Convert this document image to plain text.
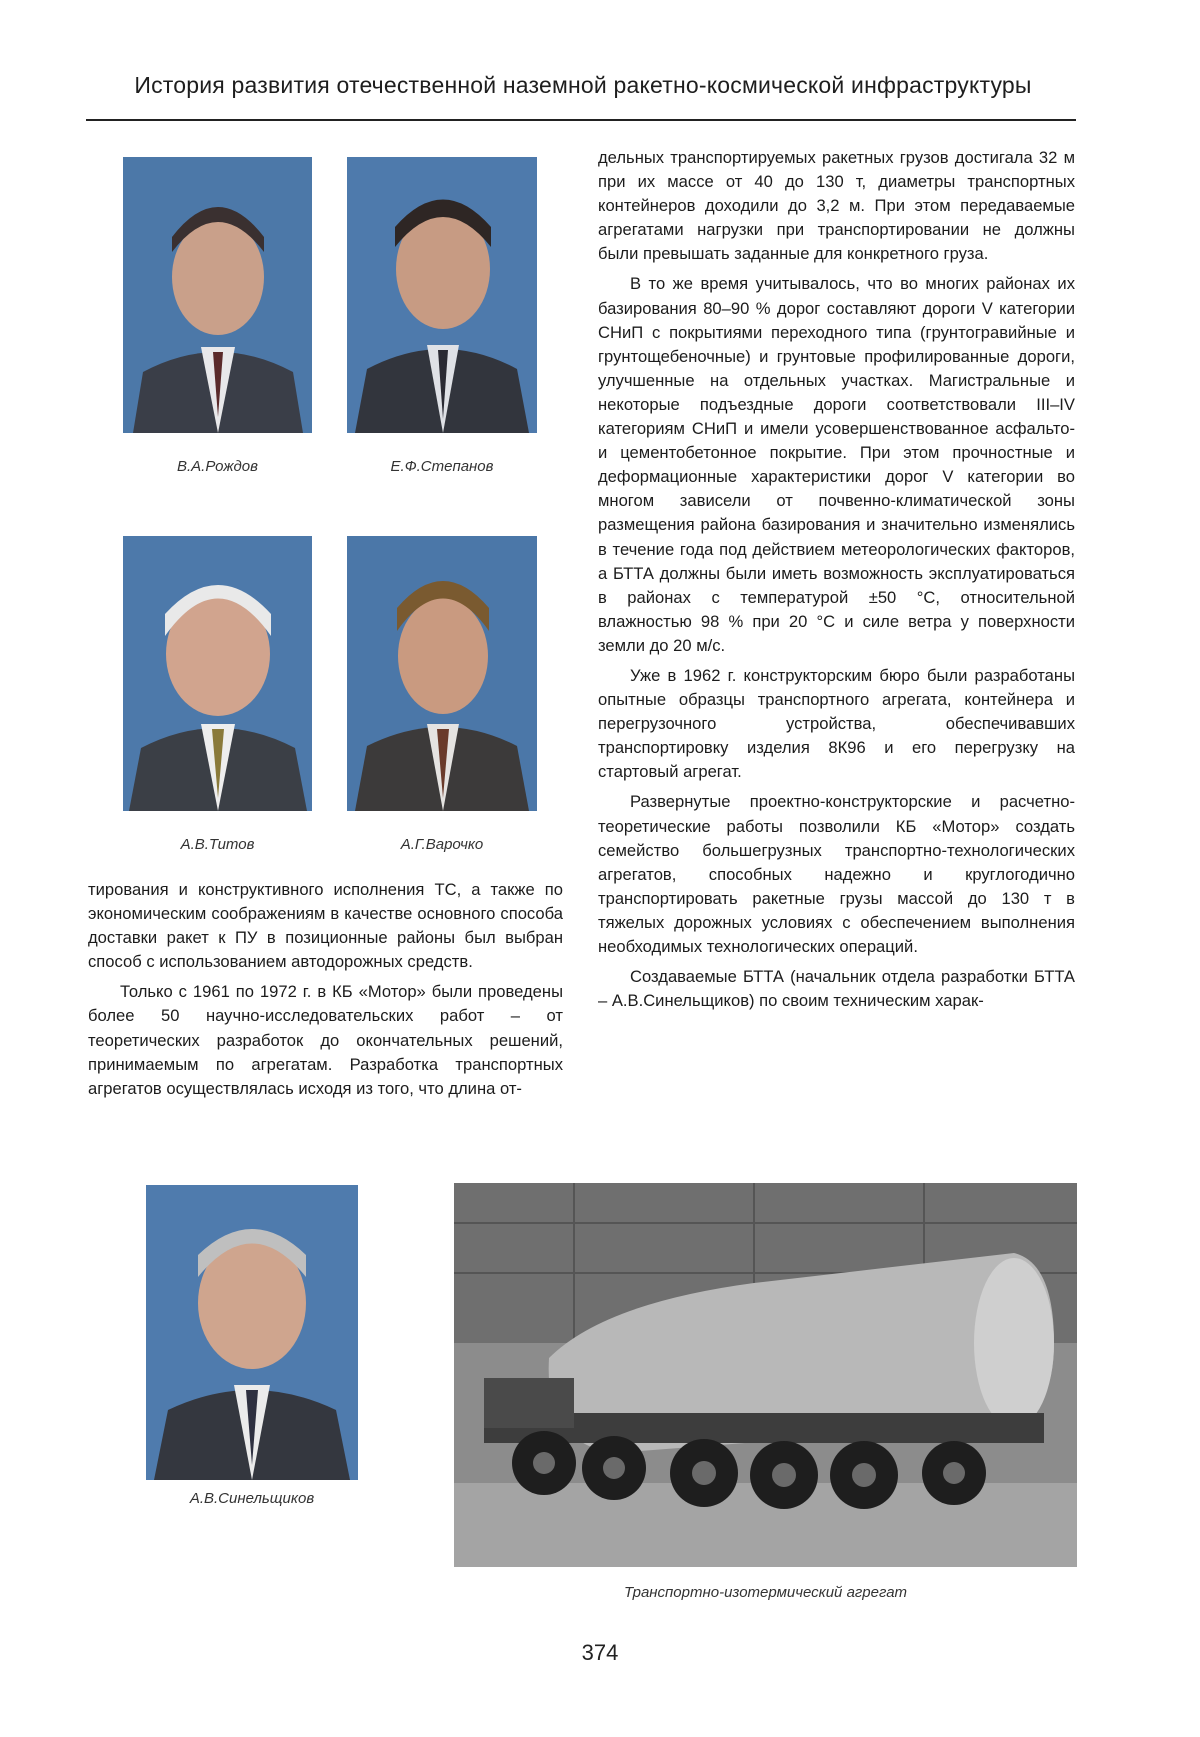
История развития отечественной наземной ракетно-космической инфраструктуры
В.А.Рождов	Е.Ф.Степанов
А.В.Титов	А.Г.Варочко

тирования и конструктивного исполнения ТС, а также по экономическим соображениям в качестве основного способа доставки ракет к ПУ в позиционные районы был выбран способ с использованием автодорожных средств.

Только с 1961 по 1972 г. в КБ «Мотор» были проведены более 50 научно-исследовательских работ – от теоретических разработок до окончательных решений, принимаемым по агрегатам. Разработка транспортных агрегатов осуществлялась исходя из того, что длина от-

дельных транспортируемых ракетных грузов достигала 32 м при их массе от 40 до 130 т, диаметры транспортных контейнеров доходили до 3,2 м. При этом передаваемые агрегатами нагрузки при транспортировании не должны были превышать заданные для конкретного груза.

В то же время учитывалось, что во многих районах их базирования 80–90 % дорог составляют дороги V категории СНиП с покрытиями переходного типа (грунтогравийные и грунтощебеночные) и грунтовые профилированные дороги, улучшенные на отдельных участках. Магистральные и некоторые подъездные дороги соответствовали III–IV категориям СНиП и имели усовершенствованное асфальто- и цементобетонное покрытие. При этом прочностные и деформационные характеристики дорог V категории во многом зависели от почвенно-климатической зоны размещения района базирования и значительно изменялись в течение года под действием метеорологических факторов, а БТТА должны были иметь возможность эксплуатироваться в районах с температурой ±50 °С, относительной влажностью 98 % при 20 °С и силе ветра у поверхности земли до 20 м/с.

Уже в 1962 г. конструкторским бюро были разработаны опытные образцы транспортного агрегата, контейнера и перегрузочного устройства, обеспечивавших транспортировку изделия 8К96 и его перегрузку на стартовый агрегат.

Развернутые проектно-конструкторские и расчетно-теоретические работы позволили КБ «Мотор» создать семейство большегрузных транспортно-технологических агрегатов, способных надежно и круглогодично транспортировать ракетные грузы массой до 130 т в тяжелых дорожных условиях с обеспечением выполнения необходимых технологических операций.

Создаваемые БТТА (начальник отдела разработки БТТА – А.В.Синельщиков) по своим техническим харак-

А.В.Синельщиков
Транспортно-изотермический агрегат
374
